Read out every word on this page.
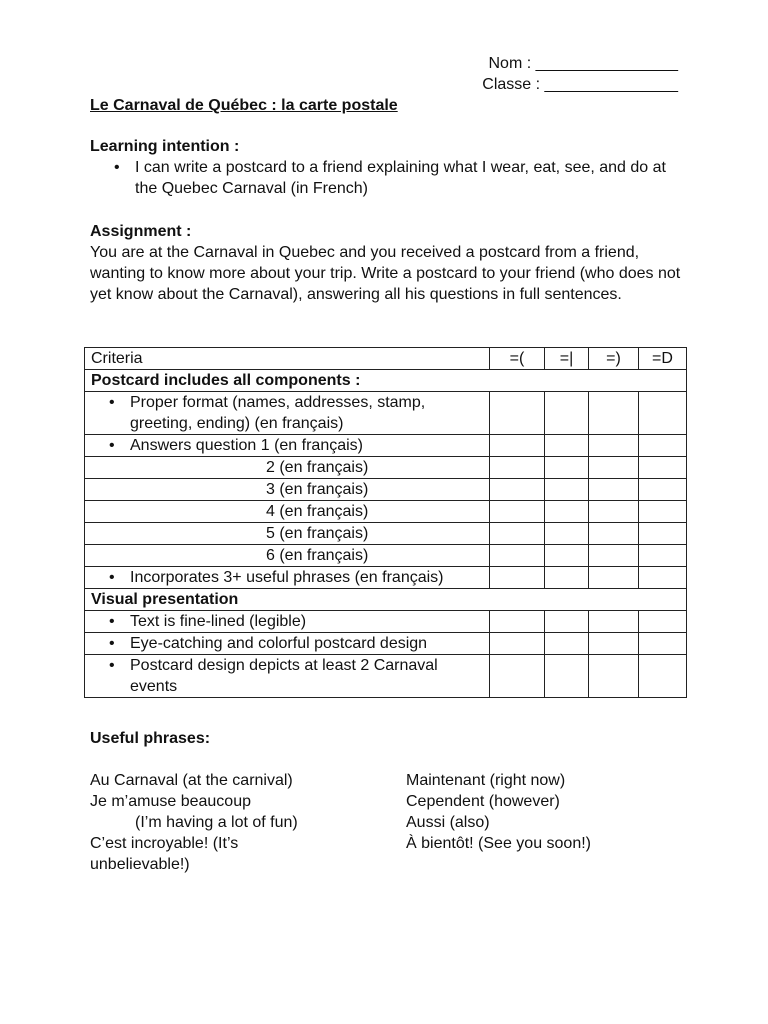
Nom : ________________
Classe : _______________
Le Carnaval de Québec : la carte postale
Learning intention :
• I can write a postcard to a friend explaining what I wear, eat, see, and do at the Quebec Carnaval (in French)
Assignment :

You are at the Carnaval in Quebec and you received a postcard from a friend, wanting to know more about your trip. Write a postcard to your friend (who does not yet know about the Carnaval), answering all his questions in full sentences.

Criteria	=(	=|	=)	=D
Postcard includes all components :				

• Proper format (names, addresses, stamp, greeting, ending) (en français)

• Answers question 1 (en français)

2 (en français)				

3 (en français)				

4 (en français)				

5 (en français)				

6 (en français)				

• Incorporates 3+ useful phrases (en français)

Visual presentation				

• Text is fine-lined (legible)

• Eye-catching and colorful postcard design

• Postcard design depicts at least 2 Carnaval events

Useful phrases:
Au Carnaval (at the carnival)
Je m’amuse beaucoup
(I’m having a lot of fun)
C’est incroyable! (It’s unbelievable!)
Maintenant (right now)
Cependent (however)
Aussi (also)
À bientôt! (See you soon!)
